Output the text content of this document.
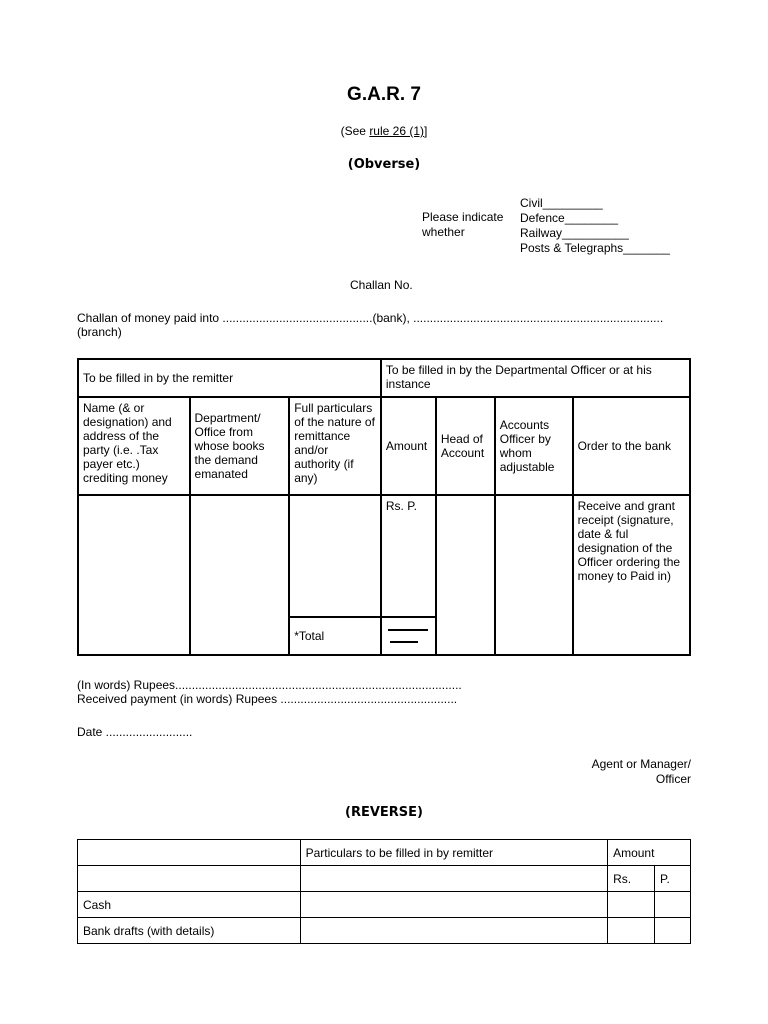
G.A.R. 7
(See rule 26 (1)]
(Obverse)
Please indicate whether
Civil_________
Defence________
Railway__________
Posts & Telegraphs_______
Challan No.
Challan of money paid into .............................................(bank), ........................................................................... (branch)
To be filled in by the remitter			To be filled in by the Departmental Officer or at his instance			
Name (& or designation) and address of the party (i.e. .Tax payer etc.) crediting money	Department/ Office from whose books the demand emanated	Full particulars of the nature of remittance and/or authority (if any)	Amount	Head of Account	Accounts Officer by whom adjustable	Order to the bank
			Rs. P.			Receive and grant receipt (signature, date & ful designation of the Officer ordering the money to Paid in)
		*Total				
(In words) Rupees......................................................................................
Received payment (in words) Rupees .....................................................
Date ..........................
Agent or Manager/
Officer
(REVERSE)
	Particulars to be filled in by remitter	Amount	
		Rs.	P.
Cash			
Bank drafts (with details)			
